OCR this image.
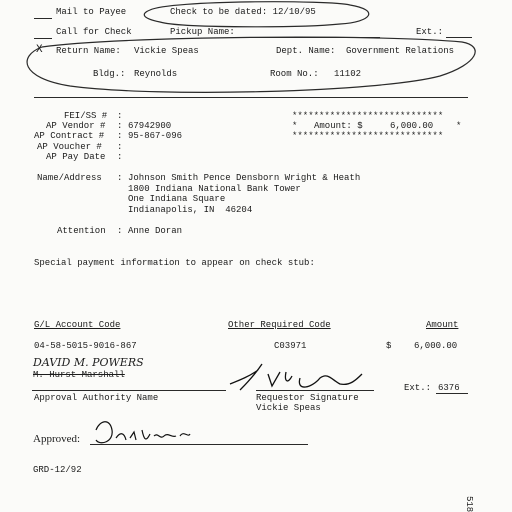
Mail to Payee	Check to be dated: 12/10/95
Call for Check	Pickup Name:	Ext.:
X Return Name: Vickie Speas	Dept. Name: Government Relations
Bldg.: Reynolds	Room No.: 11102
FEI/SS # :
AP Vendor # : 67942900
AP Contract # : 95-867-096
AP Voucher # :
AP Pay Date :
****************************
* Amount: $	6,000.00	*
****************************
Name/Address : Johnson Smith Pence Densborn Wright & Heath
1800 Indiana National Bank Tower
One Indiana Square
Indianapolis, IN  46204
Attention : Anne Doran
Special payment information to appear on check stub:
G/L Account Code	Other Required Code	Amount
04-58-5015-9016-867	C03971	$	6,000.00
DAVID M. POWERS
M. Hurst Marshall
Approval Authority Name	Requestor Signature
Vickie Speas
Ext.: 6376
Approved:
GRD-12/92
518
